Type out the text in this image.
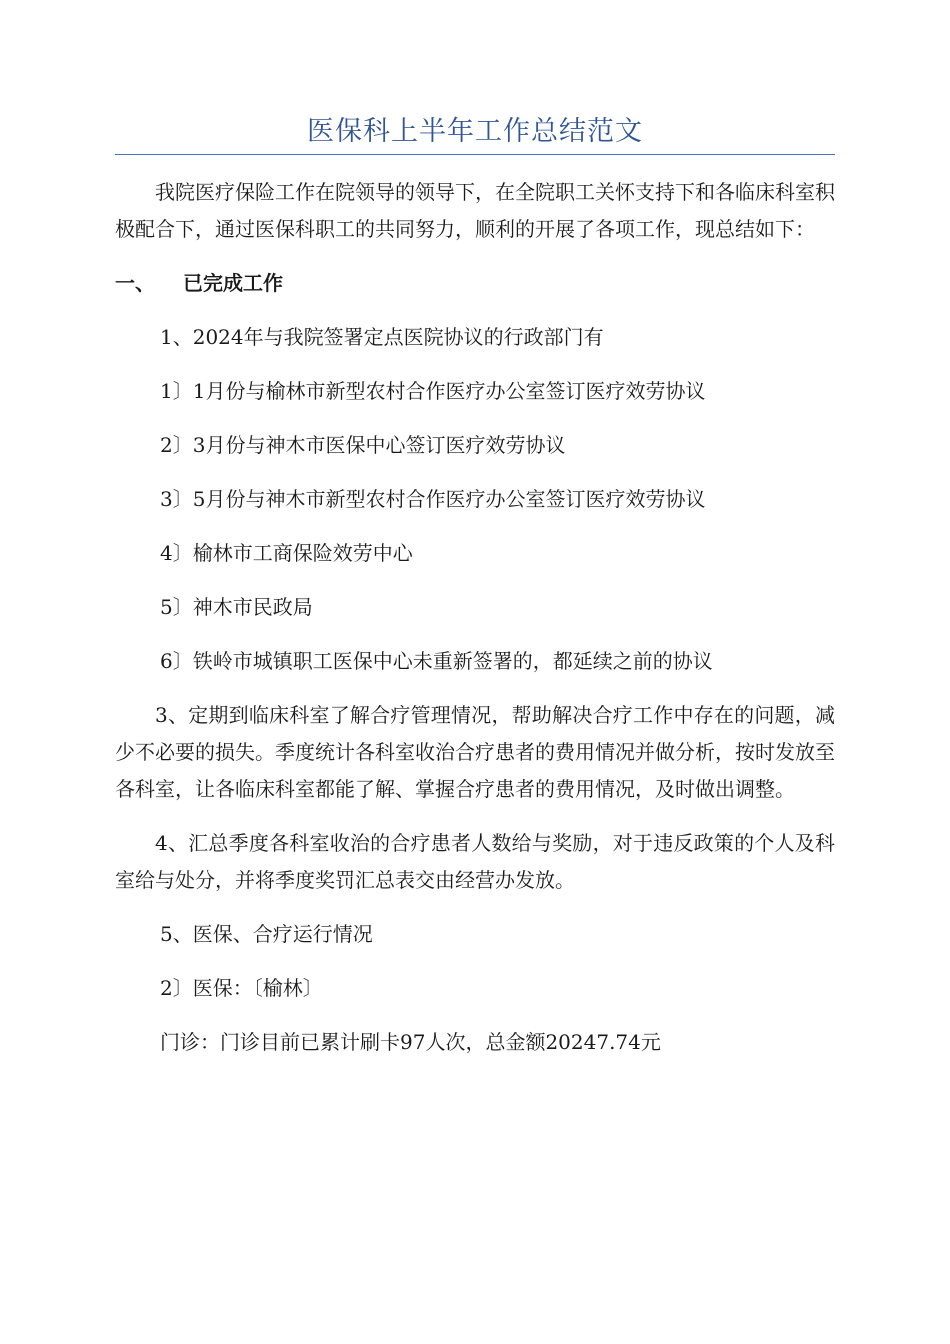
医保科上半年工作总结范文

我院医疗保险工作在院领导的领导下，在全院职工关怀支持下和各临床科室积极配合下，通过医保科职工的共同努力，顺利的开展了各项工作，现总结如下：

一、 已完成工作

1、2024年与我院签署定点医院协议的行政部门有

1〕1月份与榆林市新型农村合作医疗办公室签订医疗效劳协议

2〕3月份与神木市医保中心签订医疗效劳协议

3〕5月份与神木市新型农村合作医疗办公室签订医疗效劳协议

4〕榆林市工商保险效劳中心

5〕神木市民政局

6〕铁岭市城镇职工医保中心未重新签署的，都延续之前的协议

3、定期到临床科室了解合疗管理情况，帮助解决合疗工作中存在的问题，减少不必要的损失。季度统计各科室收治合疗患者的费用情况并做分析，按时发放至各科室，让各临床科室都能了解、掌握合疗患者的费用情况，及时做出调整。

4、汇总季度各科室收治的合疗患者人数给与奖励，对于违反政策的个人及科室给与处分，并将季度奖罚汇总表交由经营办发放。

5、医保、合疗运行情况

2〕医保：〔榆林〕

门诊：门诊目前已累计刷卡97人次，总金额20247.74元
